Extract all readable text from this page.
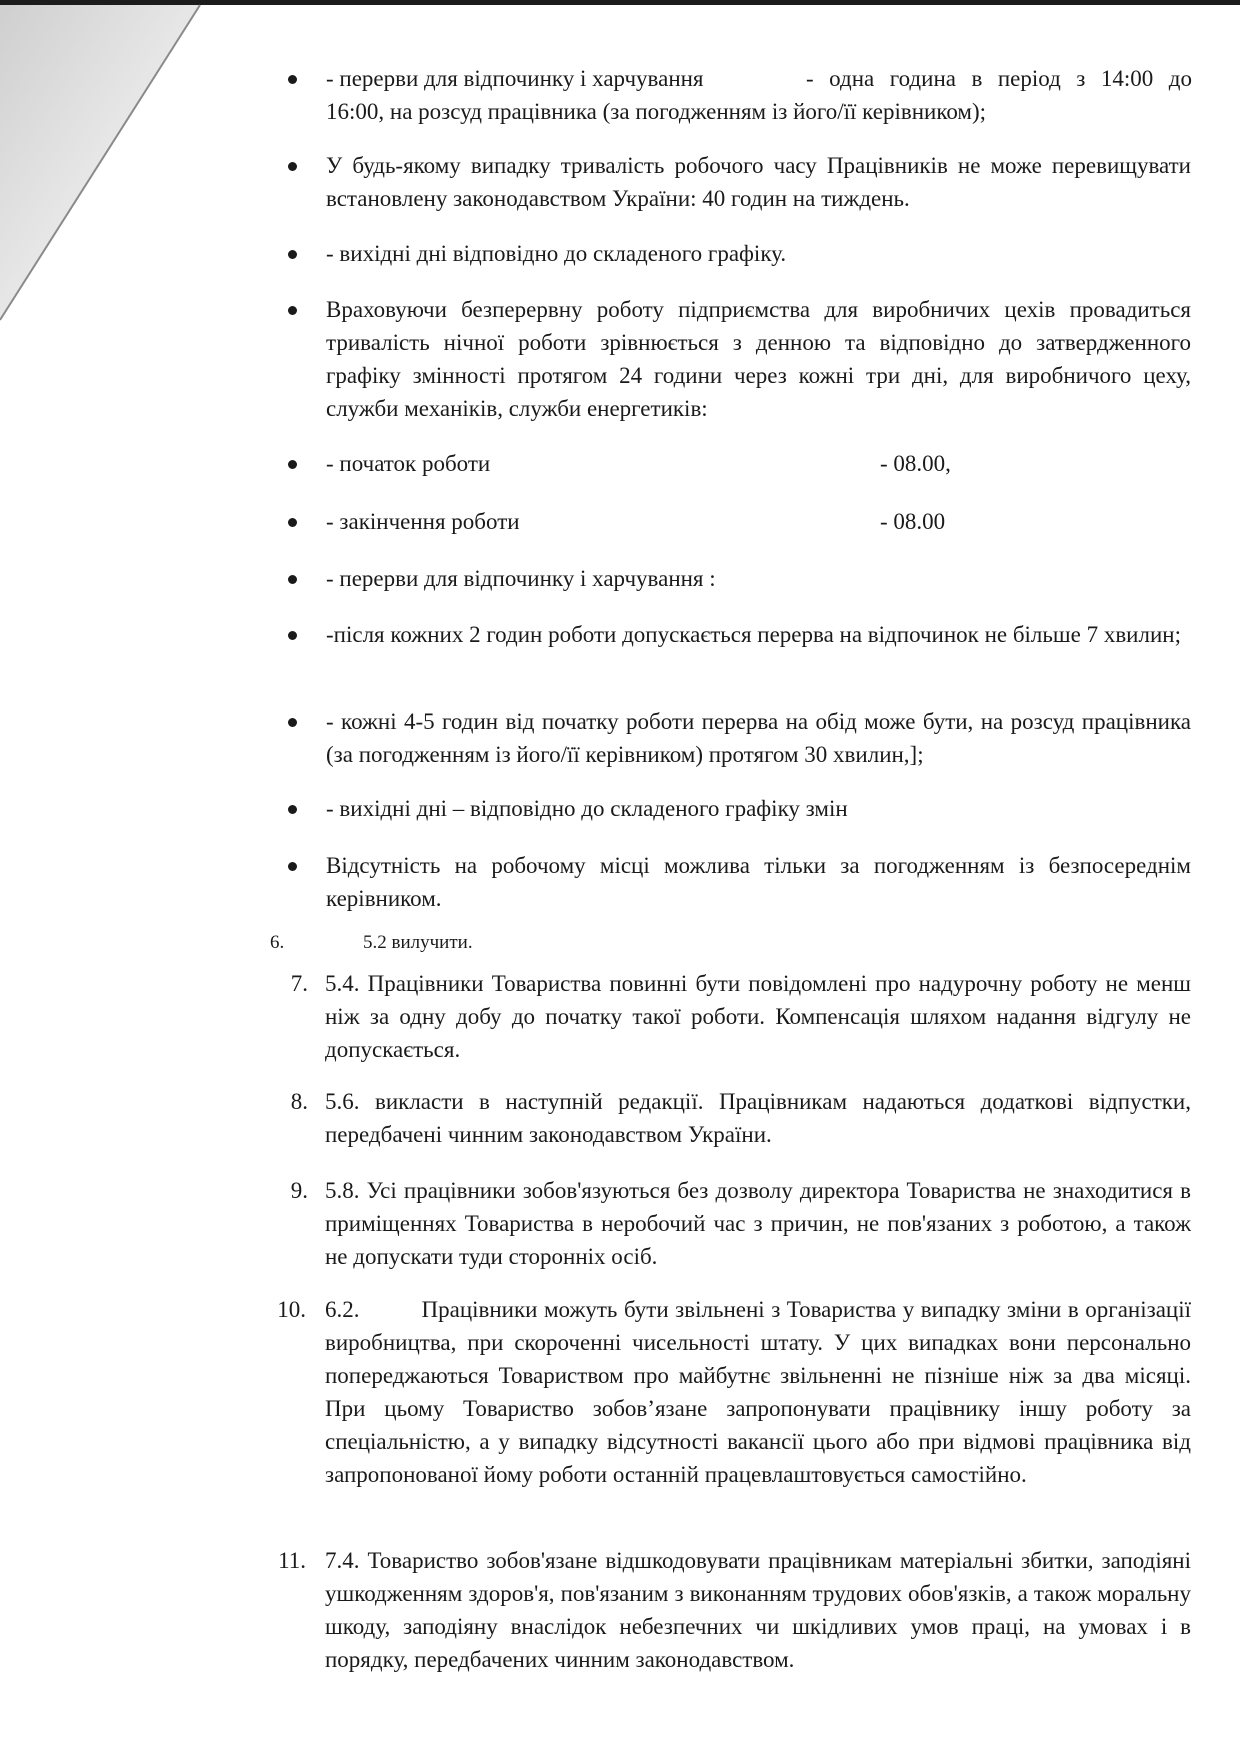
- перерви для відпочинку і харчування	- одна година в період з 14:00 до

16:00, на розсуд працівника (за погодженням із його/її керівником);
У будь-якому випадку тривалість робочого часу Працівників не може перевищувати встановлену законодавством України: 40 годин на тиждень.
- вихідні дні відповідно до складеного графіку.
Враховуючи безперервну роботу підприємства для виробничих цехів провадиться тривалість нічної роботи зрівнюється з денною та відповідно до затвердженного графіку змінності протягом 24 години через кожні три дні, для виробничого цеху, служби механіків, служби енергетиків:
- початок роботи	- 08.00,
- закінчення роботи	- 08.00
- перерви для відпочинку і харчування :
-після кожних 2 годин роботи допускається перерва на відпочинок не більше 7 хвилин;
- кожні 4-5 годин від початку роботи перерва на обід може бути, на розсуд працівника (за погодженням із його/її керівником) протягом 30 хвилин,];
- вихідні дні – відповідно до складеного графіку змін
Відсутність на робочому місці можлива тільки за погодженням із безпосереднім керівником.
6.	5.2 вилучити.
7. 5.4. Працівники Товариства повинні бути повідомлені про надурочну роботу не менш ніж за одну добу до початку такої роботи. Компенсація шляхом надання відгулу не допускається.
8. 5.6. викласти в наступній редакції. Працівникам надаються додаткові відпустки, передбачені чинним законодавством України.
9. 5.8. Усі працівники зобов'язуються без дозволу директора Товариства не знаходитися в приміщеннях Товариства в неробочий час з причин, не пов'язаних з роботою, а також не допускати туди сторонніх осіб.
10. 6.2.	Працівники можуть бути звільнені з Товариства у випадку зміни в організації виробництва, при скороченні чисельності штату. У цих випадках вони персонально попереджаються Товариством про майбутнє звільненні не пізніше ніж за два місяці. При цьому Товариство зобов’язане запропонувати працівнику іншу роботу за спеціальністю, а у випадку відсутності вакансії цього або при відмові працівника від запропонованої йому роботи останній працевлаштовується самостійно.
11. 7.4. Товариство зобов'язане відшкодовувати працівникам матеріальні збитки, заподіяні ушкодженням здоров'я, пов'язаним з виконанням трудових обов'язків, а також моральну шкоду, заподіяну внаслідок небезпечних чи шкідливих умов праці, на умовах і в порядку, передбачених чинним законодавством.
